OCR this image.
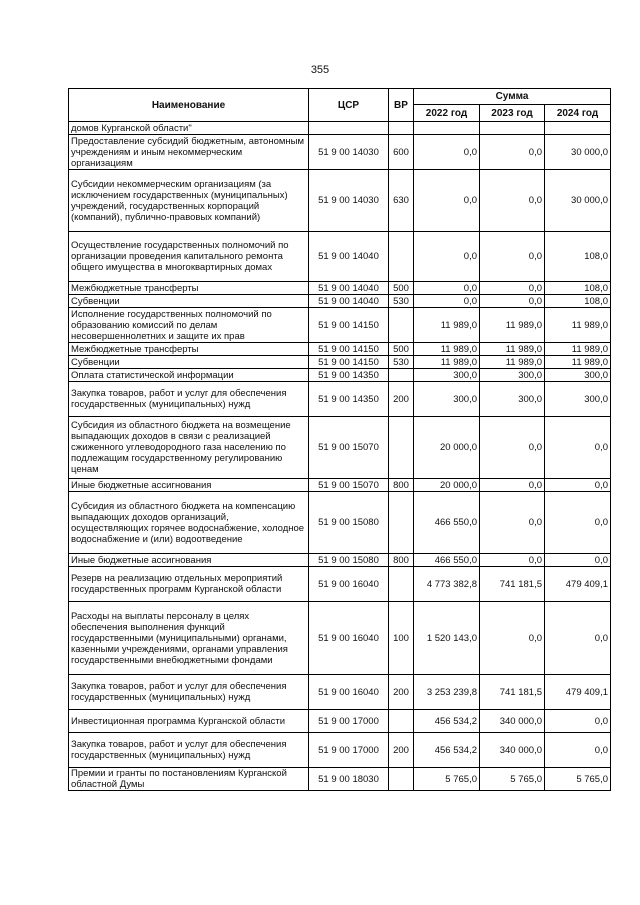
355
Наименование	ЦСР	ВР	Сумма		
			2022 год	2023 год	2024 год
домов Курганской области"					
Предоставление субсидий бюджетным, автономным учреждениям и иным некоммерческим организациям	51 9 00 14030	600	0,0	0,0	30 000,0
Субсидии некоммерческим организациям (за исключением государственных (муниципальных) учреждений, государственных корпораций (компаний), публично-правовых компаний)	51 9 00 14030	630	0,0	0,0	30 000,0
Осуществление государственных полномочий по организации проведения капитального ремонта общего имущества в многоквартирных домах	51 9 00 14040		0,0	0,0	108,0
Межбюджетные трансферты	51 9 00 14040	500	0,0	0,0	108,0
Субвенции	51 9 00 14040	530	0,0	0,0	108,0
Исполнение государственных полномочий по образованию комиссий по делам несовершеннолетних и защите их прав	51 9 00 14150		11 989,0	11 989,0	11 989,0
Межбюджетные трансферты	51 9 00 14150	500	11 989,0	11 989,0	11 989,0
Субвенции	51 9 00 14150	530	11 989,0	11 989,0	11 989,0
Оплата статистической информации	51 9 00 14350		300,0	300,0	300,0
Закупка товаров, работ и услуг для обеспечения государственных (муниципальных) нужд	51 9 00 14350	200	300,0	300,0	300,0
Субсидия из областного бюджета на возмещение выпадающих доходов в связи с реализацией сжиженного углеводородного газа населению по подлежащим государственному регулированию ценам	51 9 00 15070		20 000,0	0,0	0,0
Иные бюджетные ассигнования	51 9 00 15070	800	20 000,0	0,0	0,0
Субсидия из областного бюджета на компенсацию выпадающих доходов организаций, осуществляющих горячее водоснабжение, холодное водоснабжение и (или) водоотведение	51 9 00 15080		466 550,0	0,0	0,0
Иные бюджетные ассигнования	51 9 00 15080	800	466 550,0	0,0	0,0
Резерв на реализацию отдельных мероприятий государственных программ Курганской области	51 9 00 16040		4 773 382,8	741 181,5	479 409,1
Расходы на выплаты персоналу в целях обеспечения выполнения функций государственными (муниципальными) органами, казенными учреждениями, органами управления государственными внебюджетными фондами	51 9 00 16040	100	1 520 143,0	0,0	0,0
Закупка товаров, работ и услуг для обеспечения государственных (муниципальных) нужд	51 9 00 16040	200	3 253 239,8	741 181,5	479 409,1
Инвестиционная программа Курганской области	51 9 00 17000		456 534,2	340 000,0	0,0
Закупка товаров, работ и услуг для обеспечения государственных (муниципальных) нужд	51 9 00 17000	200	456 534,2	340 000,0	0,0
Премии и гранты по постановлениям Курганской областной Думы	51 9 00 18030		5 765,0	5 765,0	5 765,0
